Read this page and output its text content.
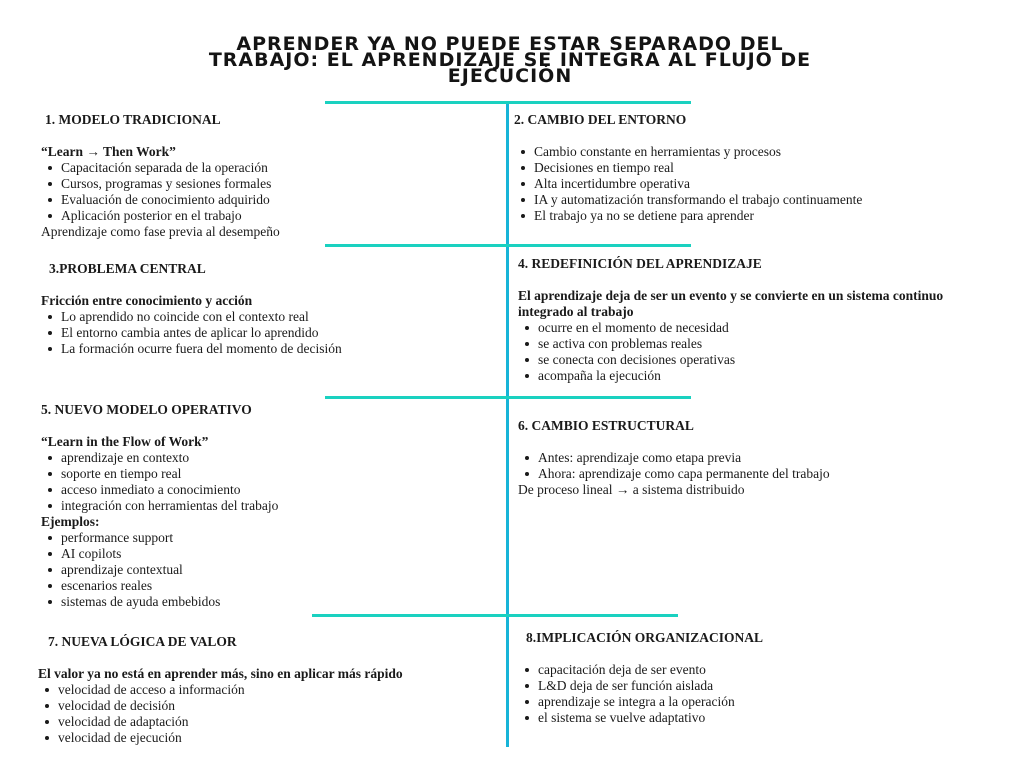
APRENDER YA NO PUEDE ESTAR SEPARADO DEL
TRABAJO: EL APRENDIZAJE SE INTEGRA AL FLUJO DE
EJECUCIÓN
1. MODELO TRADICIONAL
“Learn → Then Work”
Capacitación separada de la operación
Cursos, programas y sesiones formales
Evaluación de conocimiento adquirido
Aplicación posterior en el trabajo
Aprendizaje como fase previa al desempeño
2. CAMBIO DEL ENTORNO
Cambio constante en herramientas y procesos
Decisiones en tiempo real
Alta incertidumbre operativa
IA y automatización transformando el trabajo continuamente
El trabajo ya no se detiene para aprender
3.PROBLEMA CENTRAL
Fricción entre conocimiento y acción
Lo aprendido no coincide con el contexto real
El entorno cambia antes de aplicar lo aprendido
La formación ocurre fuera del momento de decisión
4. REDEFINICIÓN DEL APRENDIZAJE
El aprendizaje deja de ser un evento y se convierte en un sistema continuo
integrado al trabajo
ocurre en el momento de necesidad
se activa con problemas reales
se conecta con decisiones operativas
acompaña la ejecución
5. NUEVO MODELO OPERATIVO
“Learn in the Flow of Work”
aprendizaje en contexto
soporte en tiempo real
acceso inmediato a conocimiento
integración con herramientas del trabajo
Ejemplos:
performance support
AI copilots
aprendizaje contextual
escenarios reales
sistemas de ayuda embebidos
6. CAMBIO ESTRUCTURAL
Antes: aprendizaje como etapa previa
Ahora: aprendizaje como capa permanente del trabajo
De proceso lineal → a sistema distribuido
7. NUEVA LÓGICA DE VALOR
El valor ya no está en aprender más, sino en aplicar más rápido
velocidad de acceso a información
velocidad de decisión
velocidad de adaptación
velocidad de ejecución
8.IMPLICACIÓN ORGANIZACIONAL
capacitación deja de ser evento
L&D deja de ser función aislada
aprendizaje se integra a la operación
el sistema se vuelve adaptativo
